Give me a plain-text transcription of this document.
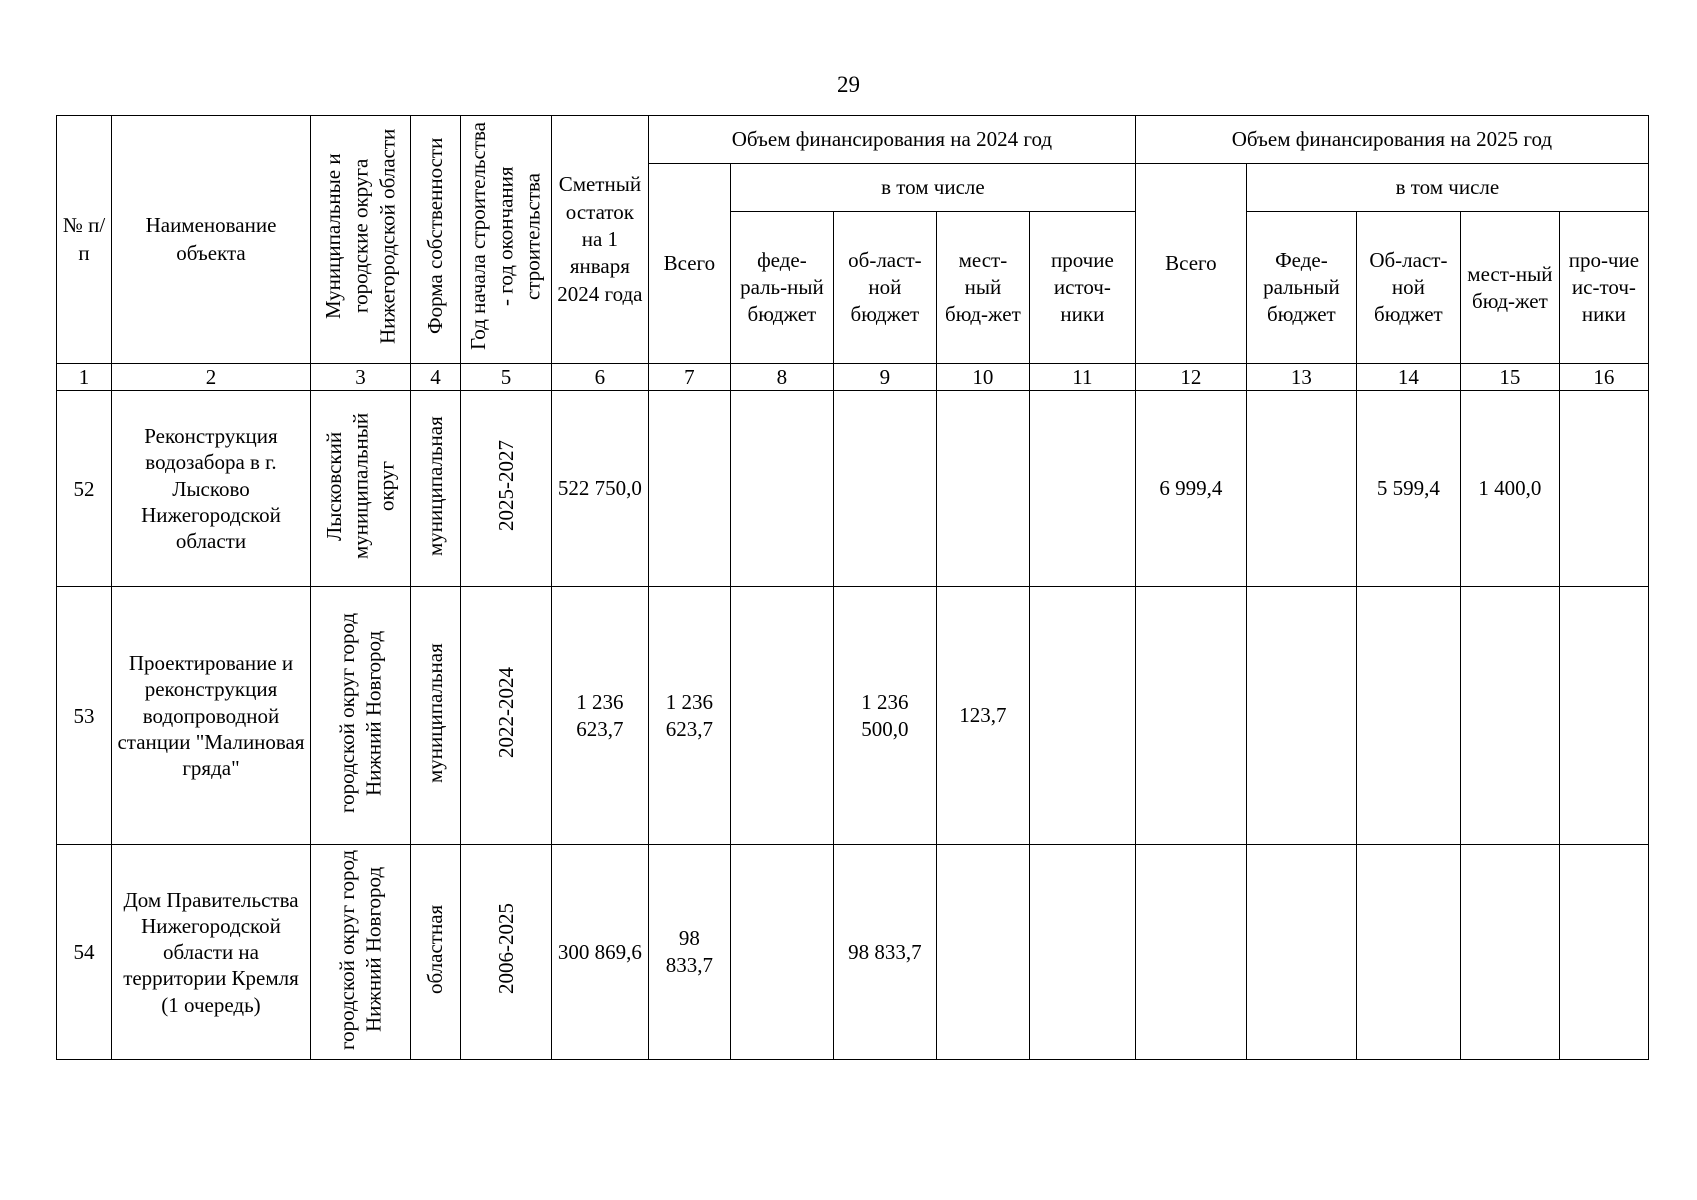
29
№ п/п	Наименование объекта	Муниципальные и городские округа Нижегородской области	Форма собственности	Год начала строительства - год окончания строительства	Сметный остаток на 1 января 2024 года	Объем финансирования на 2024 год					Объем финансирования на 2025 год				
						Всего	в том числе				Всего	в том числе			
							феде-раль-ный бюджет	об-ласт-ной бюджет	мест-ный бюд-жет	прочие источ-ники		Феде-ральный бюджет	Об-ласт-ной бюджет	мест-ный бюд-жет	про-чие ис-точ-ники
1	2	3	4	5	6	7	8	9	10	11	12	13	14	15	16
52	Реконструкция водозабора в г. Лысково Нижегородской области	Лысковский муниципальный округ	муниципальная	2025-2027	522 750,0						6 999,4		5 599,4	1 400,0	
53	Проектирование и реконструкция водопроводной станции "Малиновая гряда"	городской округ город Нижний Новгород	муниципальная	2022-2024	1 236 623,7	1 236 623,7		1 236 500,0	123,7						
54	Дом Правительства Нижегородской области на территории Кремля (1 очередь)	городской округ город Нижний Новгород	областная	2006-2025	300 869,6	98 833,7		98 833,7							
